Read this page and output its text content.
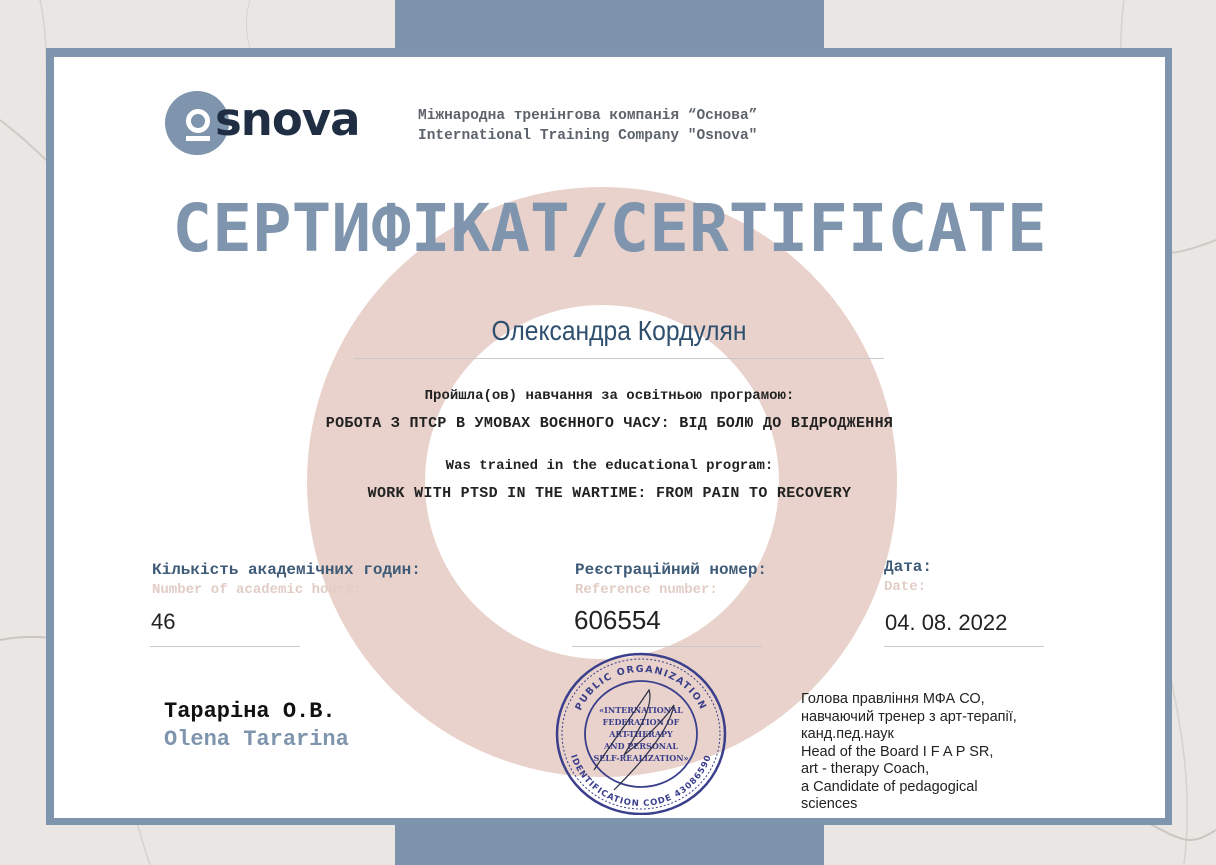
snova	Міжнародна тренінгова компанія “Основа”
International Training Company "Osnova"
СЕРТИФІКАТ/CERTIFICATE
Олександра Кордулян
Пройшла(ов) навчання за освітньою програмою:
РОБОТА З ПТСР В УМОВАХ ВОЄННОГО ЧАСУ: ВІД БОЛЮ ДО ВІДРОДЖЕННЯ
Was trained in the educational program:
WORK WITH PTSD IN THE WARTIME: FROM PAIN TO RECOVERY
Кількість академічних годин:
Number of academic hours:
46
Реєстраційний номер:
Reference number:
606554
Дата:
Date:
04. 08. 2022
Тараріна О.В.
Olena Tararina
PUBLIC ORGANIZATION
IDENTIFICATION CODE 43086590
«INTERNATIONAL
FEDERATION OF
ART-THERAPY
AND PERSONAL
SELF-REALIZATION»
Голова правління МФА СО,
навчаючий тренер з арт-терапії,
канд.пед.наук
Head of the Board I F A P SR,
art - therapy Coach,
a Candidate of pedagogical
sciences
